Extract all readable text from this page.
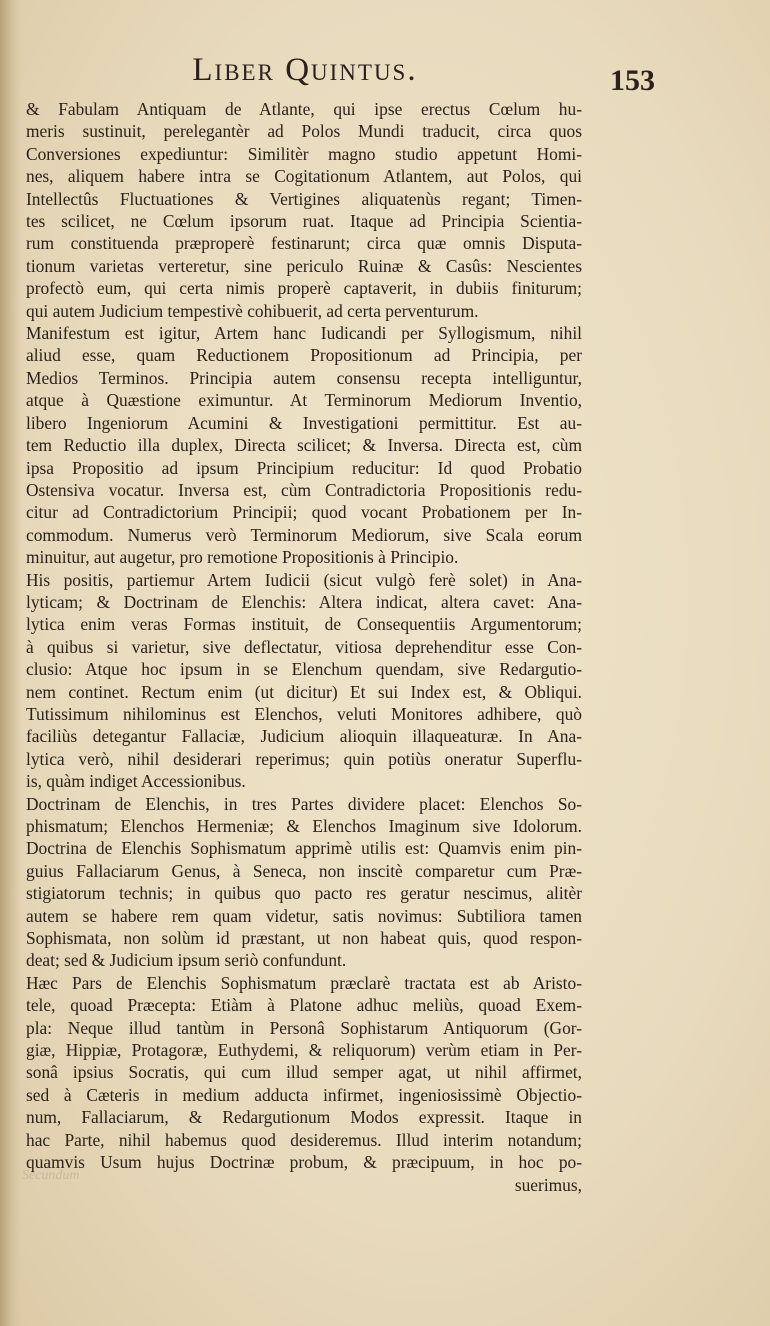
Liber Quintus.	153
& Fabulam Antiquam de Atlante, qui ipse erectus Cœlum hu-
meris sustinuit, perelegantèr ad Polos Mundi traducit, circa quos
Conversiones expediuntur: Similitèr magno studio appetunt Homi-
nes, aliquem habere intra se Cogitationum Atlantem, aut Polos, qui
Intellectûs Fluctuationes & Vertigines aliquatenùs regant; Timen-
tes scilicet, ne Cœlum ipsorum ruat. Itaque ad Principia Scientia-
rum constituenda præproperè festinarunt; circa quæ omnis Disputa-
tionum varietas verteretur, sine periculo Ruinæ & Casûs: Nescientes
profectò eum, qui certa nimis properè captaverit, in dubiis finiturum;
qui autem Judicium tempestivè cohibuerit, ad certa perventurum.
Manifestum est igitur, Artem hanc Iudicandi per Syllogismum, nihil
aliud esse, quam Reductionem Propositionum ad Principia, per
Medios Terminos. Principia autem consensu recepta intelliguntur,
atque à Quæstione eximuntur. At Terminorum Mediorum Inventio,
libero Ingeniorum Acumini & Investigationi permittitur. Est au-
tem Reductio illa duplex, Directa scilicet; & Inversa. Directa est, cùm
ipsa Propositio ad ipsum Principium reducitur: Id quod Probatio
Ostensiva vocatur. Inversa est, cùm Contradictoria Propositionis redu-
citur ad Contradictorium Principii; quod vocant Probationem per In-
commodum. Numerus verò Terminorum Mediorum, sive Scala eorum
minuitur, aut augetur, pro remotione Propositionis à Principio.
His positis, partiemur Artem Iudicii (sicut vulgò ferè solet) in Ana-
lyticam; & Doctrinam de Elenchis: Altera indicat, altera cavet: Ana-
lytica enim veras Formas instituit, de Consequentiis Argumentorum;
à quibus si varietur, sive deflectatur, vitiosa deprehenditur esse Con-
clusio: Atque hoc ipsum in se Elenchum quendam, sive Redargutio-
nem continet. Rectum enim (ut dicitur) Et sui Index est, & Obliqui.
Tutissimum nihilominus est Elenchos, veluti Monitores adhibere, quò
faciliùs detegantur Fallaciæ, Judicium alioquin illaqueaturæ. In Ana-
lytica verò, nihil desiderari reperimus; quin potiùs oneratur Superflu-
is, quàm indiget Accessionibus.
Doctrinam de Elenchis, in tres Partes dividere placet: Elenchos So-
phismatum; Elenchos Hermeniæ; & Elenchos Imaginum sive Idolorum.
Doctrina de Elenchis Sophismatum apprimè utilis est: Quamvis enim pin-
guius Fallaciarum Genus, à Seneca, non inscitè comparetur cum Præ-
stigiatorum technis; in quibus quo pacto res geratur nescimus, alitèr
autem se habere rem quam videtur, satis novimus: Subtiliora tamen
Sophismata, non solùm id præstant, ut non habeat quis, quod respon-
deat; sed & Judicium ipsum seriò confundunt.
Hæc Pars de Elenchis Sophismatum præclarè tractata est ab Aristo-
tele, quoad Præcepta: Etiàm à Platone adhuc meliùs, quoad Exem-
pla: Neque illud tantùm in Personâ Sophistarum Antiquorum (Gor-
giæ, Hippiæ, Protagoræ, Euthydemi, & reliquorum) verùm etiam in Per-
sonâ ipsius Socratis, qui cum illud semper agat, ut nihil affirmet,
sed à Cæteris in medium adducta infirmet, ingeniosissimè Objectio-
num, Fallaciarum, & Redargutionum Modos expressit. Itaque in
hac Parte, nihil habemus quod desideremus. Illud interim notandum;
quamvis Usum hujus Doctrinæ probum, & præcipuum, in hoc po-
suerimus,
Secundum
